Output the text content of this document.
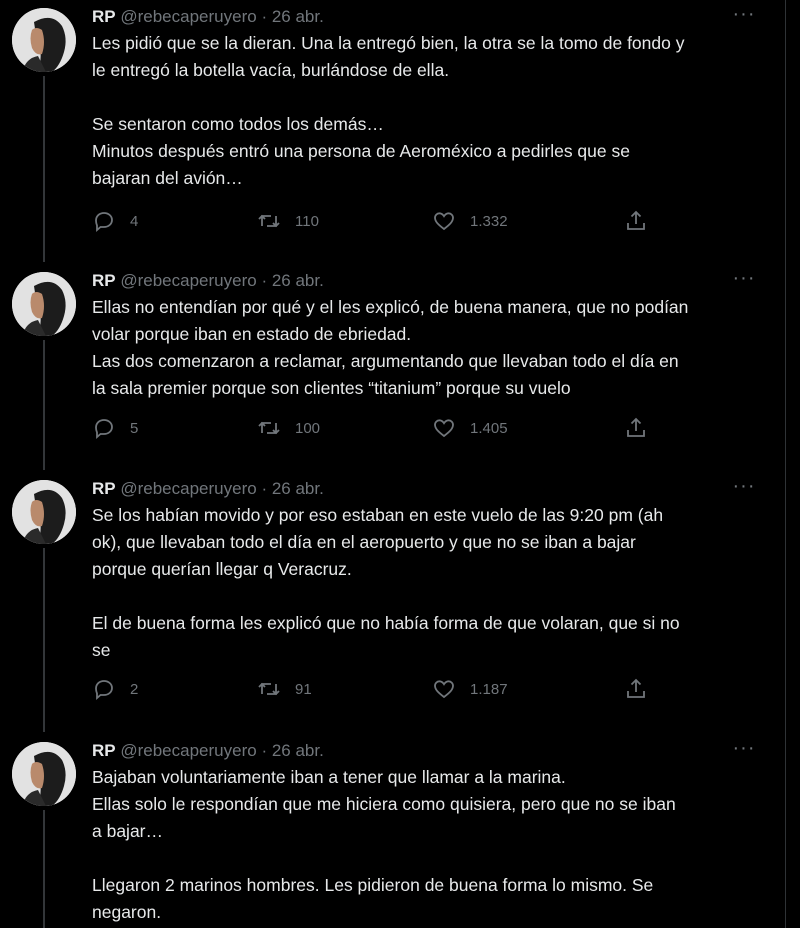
RP @rebecaperuyero · 26 abr.	···

Les pidió que se la dieran. Una la entregó bien, la otra se la tomo de fondo y

le entregó la botella vacía, burlándose de ella.

Se sentaron como todos los demás…

Minutos después entró una persona de Aeroméxico a pedirles que se

bajaran del avión…

4	110	1.332
RP @rebecaperuyero · 26 abr.	···

Ellas no entendían por qué y el les explicó, de buena manera, que no podían

volar porque iban en estado de ebriedad.

Las dos comenzaron a reclamar, argumentando que llevaban todo el día en

la sala premier porque son clientes “titanium” porque su vuelo

5	100	1.405
RP @rebecaperuyero · 26 abr.	···

Se los habían movido y por eso estaban en este vuelo de las 9:20 pm (ah

ok), que llevaban todo el día en el aeropuerto y que no se iban a bajar

porque querían llegar q Veracruz.

El de buena forma les explicó que no había forma de que volaran, que si no

se

2	91	1.187
RP @rebecaperuyero · 26 abr.	···

Bajaban voluntariamente iban a tener que llamar a la marina.

Ellas solo le respondían que me hiciera como quisiera, pero que no se iban

a bajar…

Llegaron 2 marinos hombres. Les pidieron de buena forma lo mismo. Se

negaron.
